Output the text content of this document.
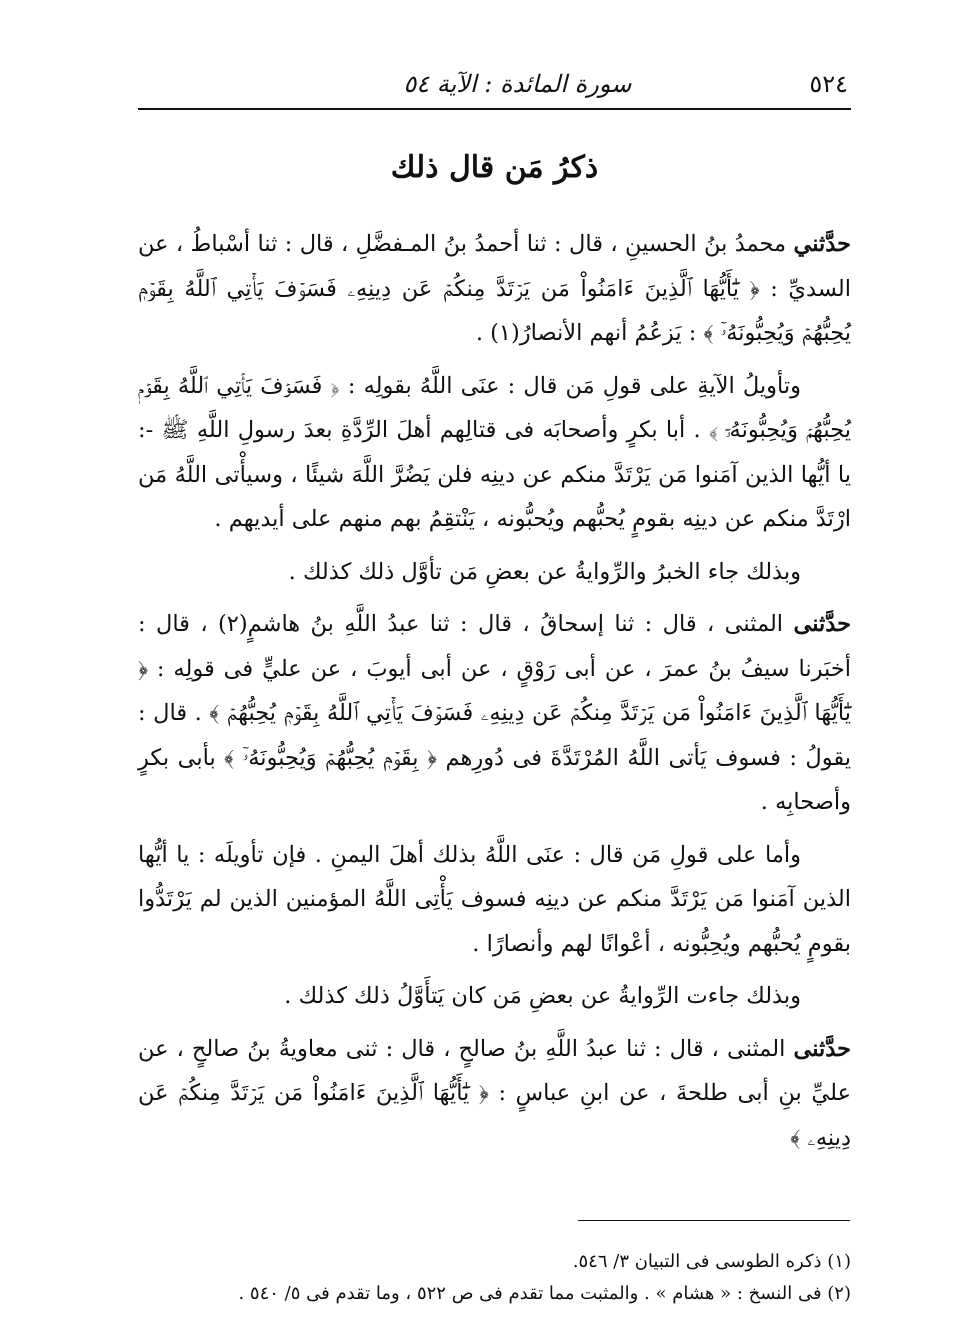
٥٢٤
سورة المائدة : الآية ٥٤
ذكرُ مَن قال ذلك

حدَّثني محمدُ بنُ الحسينِ ، قال : ثنا أحمدُ بنُ المـفضَّلِ ، قال : ثنا أسْباطُ ، عن السديِّ : ﴿ يَٰٓأَيُّهَا ٱلَّذِينَ ءَامَنُواْ مَن يَرۡتَدَّ مِنكُمۡ عَن دِينِهِۦ فَسَوۡفَ يَأۡتِي ٱللَّهُ بِقَوۡمٖ يُحِبُّهُمۡ وَيُحِبُّونَهُۥٓ ﴾ : يَزعُمُ أنهم الأنصارُ(١) .

وتأويلُ الآيةِ على قولِ مَن قال : عنَى اللَّهُ بقولِه : ﴿ فَسَوۡفَ يَأۡتِي ٱللَّهُ بِقَوۡمٖ يُحِبُّهُمۡ وَيُحِبُّونَهُۥٓ ﴾ . أبا بكرٍ وأصحابَه فى قتالِهم أهلَ الرِّدَّةِ بعدَ رسولِ اللَّهِ ﷺ -: يا أيُّها الذين آمَنوا مَن يَرْتَدَّ منكم عن دينِه فلن يَضُرَّ اللَّهَ شيئًا ، وسيأْتى اللَّهُ مَن ارْتَدَّ منكم عن دينِه بقومٍ يُحبُّهم ويُحبُّونه ، يَنْتقِمُ بهم منهم على أيديهم .

وبذلك جاء الخبرُ والرِّوايةُ عن بعضِ مَن تأوَّل ذلك كذلك .

حدَّثنى المثنى ، قال : ثنا إسحاقُ ، قال : ثنا عبدُ اللَّهِ بنُ هاشمٍ(٢) ، قال : أخبَرنا سيفُ بنُ عمرَ ، عن أبى رَوْقٍ ، عن أبى أيوبَ ، عن عليٍّ فى قولِه : ﴿ يَٰٓأَيُّهَا ٱلَّذِينَ ءَامَنُواْ مَن يَرۡتَدَّ مِنكُمۡ عَن دِينِهِۦ فَسَوۡفَ يَأۡتِي ٱللَّهُ بِقَوۡمٖ يُحِبُّهُمۡ ﴾ . قال : يقولُ : فسوف يَأتى اللَّهُ المُرْتَدَّةَ فى دُورِهم ﴿ بِقَوۡمٖ يُحِبُّهُمۡ وَيُحِبُّونَهُۥٓ ﴾ بأبى بكرٍ وأصحابِه .

وأما على قولِ مَن قال : عنَى اللَّهُ بذلك أهلَ اليمنِ . فإن تأويلَه : يا أيُّها الذين آمَنوا مَن يَرْتَدَّ منكم عن دينِه فسوف يَأْتِى اللَّهُ المؤمنين الذين لم يَرْتَدُّوا بقومٍ يُحبُّهم ويُحِبُّونه ، أعْوانًا لهم وأنصارًا .

وبذلك جاءت الرِّوايةُ عن بعضِ مَن كان يَتأَوَّلُ ذلك كذلك .

حدَّثنى المثنى ، قال : ثنا عبدُ اللَّهِ بنُ صالحٍ ، قال : ثنى معاويةُ بنُ صالحٍ ، عن عليِّ بنِ أبى طلحةَ ، عن ابنِ عباسٍ : ﴿ يَٰٓأَيُّهَا ٱلَّذِينَ ءَامَنُواْ مَن يَرۡتَدَّ مِنكُمۡ عَن دِينِهِۦ ﴾

(١) ذكره الطوسى فى التبيان ٣/ ٥٤٦.
(٢) فى النسخ : « هشام » . والمثبت مما تقدم فى ص ٥٢٢ ، وما تقدم فى ٥/ ٥٤٠ .
